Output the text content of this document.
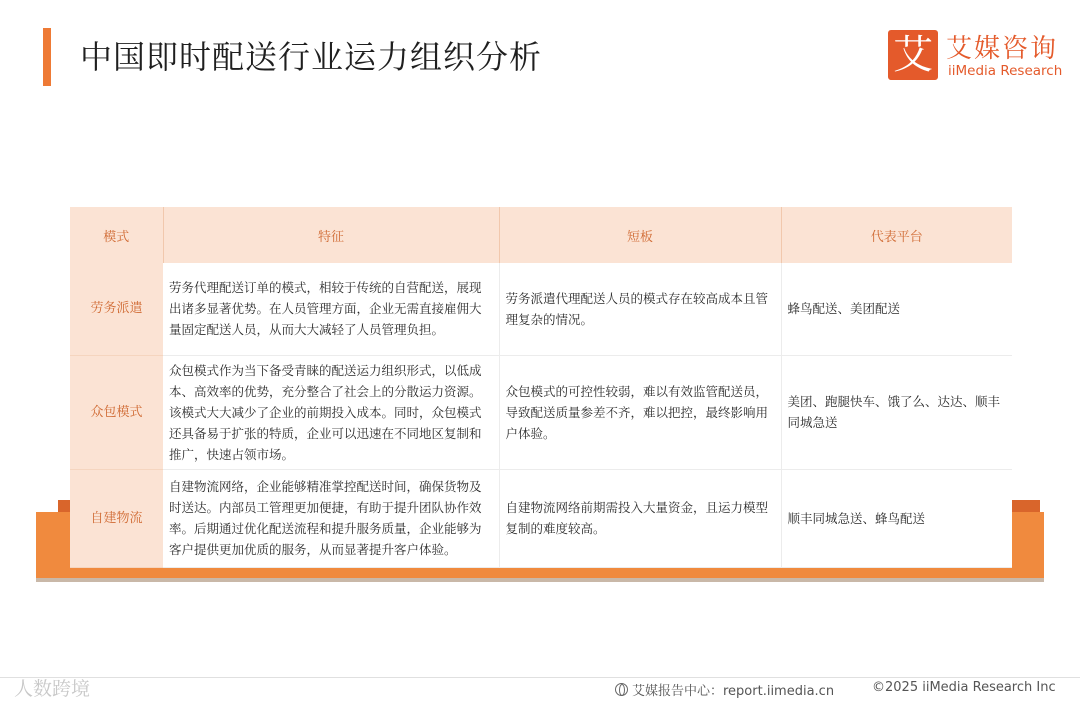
中国即时配送行业运力组织分析	艾 艾媒咨询
iiMedia Research
模式	特征	短板	代表平台
劳务派遣	劳务代理配送订单的模式，相较于传统的自营配送，展现出诸多显著优势。在人员管理方面，企业无需直接雇佣大量固定配送人员，从而大大减轻了人员管理负担。	劳务派遣代理配送人员的模式存在较高成本且管理复杂的情况。	蜂鸟配送、美团配送
众包模式	众包模式作为当下备受青睐的配送运力组织形式，以低成本、高效率的优势，充分整合了社会上的分散运力资源。该模式大大减少了企业的前期投入成本。同时，众包模式还具备易于扩张的特质，企业可以迅速在不同地区复制和推广，快速占领市场。	众包模式的可控性较弱，难以有效监管配送员，导致配送质量参差不齐，难以把控，最终影响用户体验。	美团、跑腿快车、饿了么、达达、顺丰同城急送
自建物流	自建物流网络，企业能够精准掌控配送时间，确保货物及时送达。内部员工管理更加便捷，有助于提升团队协作效率。后期通过优化配送流程和提升服务质量，企业能够为客户提供更加优质的服务，从而显著提升客户体验。	自建物流网络前期需投入大量资金，且运力模型复制的难度较高。	顺丰同城急送、蜂鸟配送
人数跨境	艾媒报告中心：report.iimedia.cn	©2025 iiMedia Research Inc
